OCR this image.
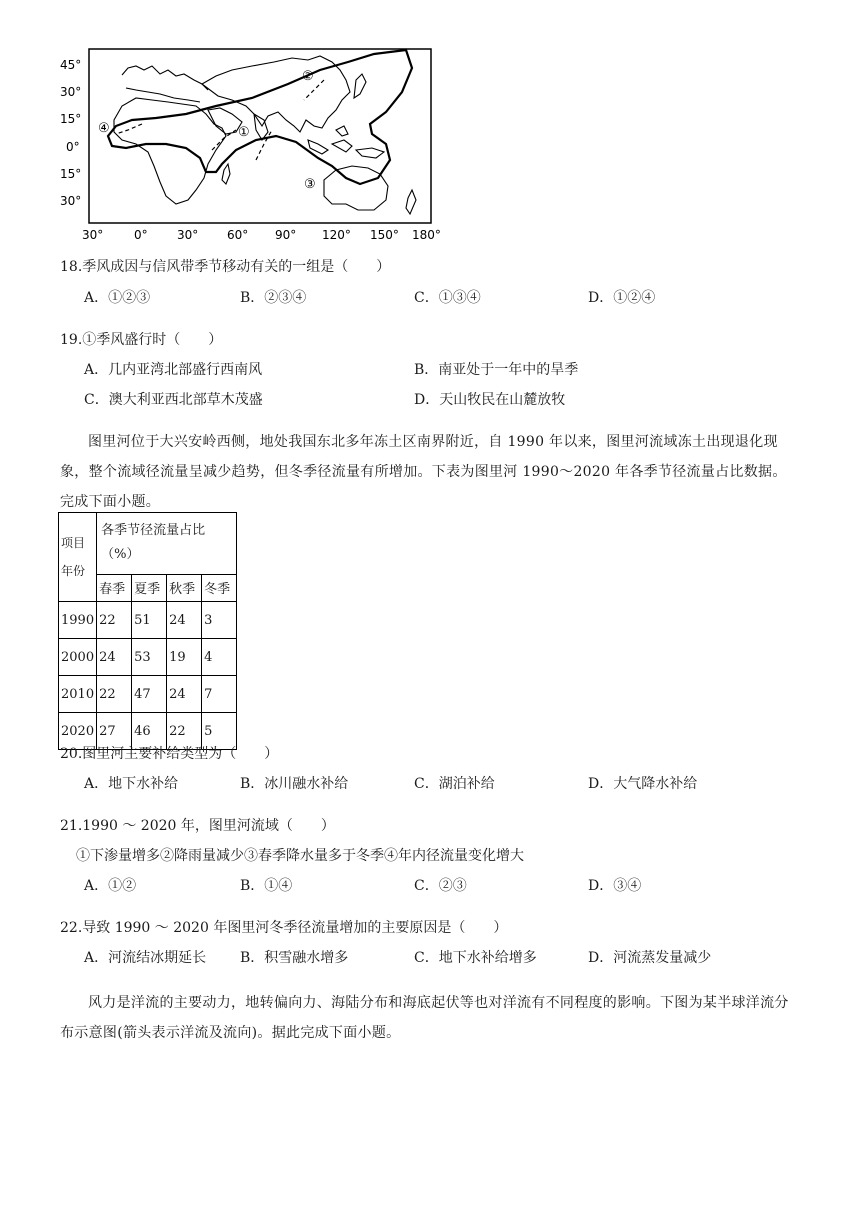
45°
30°
15°
0°
15°
30°
30°	0° 30° 60° 90° 120° 150° 180°
①
②
③
④
18.季风成因与信风带季节移动有关的一组是（　　）
A．①②③	B．②③④	C．①③④	D．①②④
19.①季风盛行时（　　）
A．几内亚湾北部盛行西南风	B．南亚处于一年中的旱季
C．澳大利亚西北部草木茂盛	D．天山牧民在山麓放牧
图里河位于大兴安岭西侧，地处我国东北多年冻土区南界附近，自 1990 年以来，图里河流域冻土出现退化现象，整个流域径流量呈减少趋势，但冬季径流量有所增加。下表为图里河 1990～2020 年各季节径流量占比数据。完成下面小题。
项目
年份	各季节径流量占比
（%）			
	春季	夏季	秋季	冬季
1990	22	51	24	3
2000	24	53	19	4
2010	22	47	24	7
2020	27	46	22	5
20.图里河主要补给类型为（　　）
A．地下水补给	B．冰川融水补给	C．湖泊补给	D．大气降水补给
21.1990 ～ 2020 年，图里河流域（　　）
①下渗量增多②降雨量减少③春季降水量多于冬季④年内径流量变化增大
A．①②	B．①④	C．②③	D．③④
22.导致 1990 ～ 2020 年图里河冬季径流量增加的主要原因是（　　）
A．河流结冰期延长 B．积雪融水增多	C．地下水补给增多	D．河流蒸发量减少
风力是洋流的主要动力，地转偏向力、海陆分布和海底起伏等也对洋流有不同程度的影响。下图为某半球洋流分布示意图(箭头表示洋流及流向)。据此完成下面小题。
